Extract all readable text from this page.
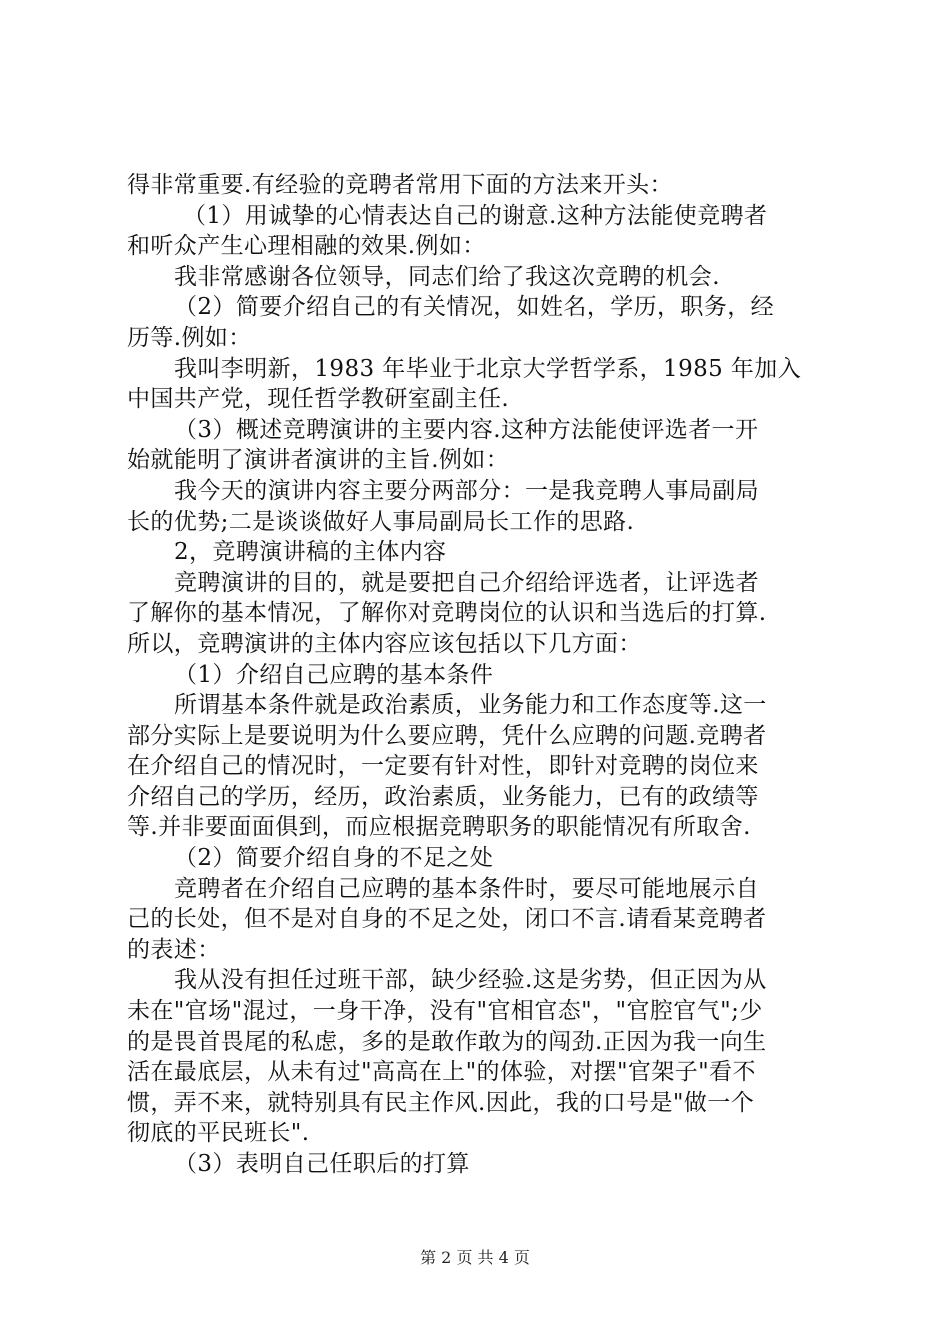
得非常重要.有经验的竞聘者常用下面的方法来开头：
（1）用诚挚的心情表达自己的谢意.这种方法能使竞聘者
和听众产生心理相融的效果.例如：
我非常感谢各位领导，同志们给了我这次竞聘的机会.
（2）简要介绍自己的有关情况，如姓名，学历，职务，经
历等.例如：
我叫李明新，1983 年毕业于北京大学哲学系，1985 年加入
中国共产党，现任哲学教研室副主任.
（3）概述竞聘演讲的主要内容.这种方法能使评选者一开
始就能明了演讲者演讲的主旨.例如：
我今天的演讲内容主要分两部分：一是我竞聘人事局副局
长的优势;二是谈谈做好人事局副局长工作的思路.
2，竞聘演讲稿的主体内容
竞聘演讲的目的，就是要把自己介绍给评选者，让评选者
了解你的基本情况，了解你对竞聘岗位的认识和当选后的打算.
所以，竞聘演讲的主体内容应该包括以下几方面：
（1）介绍自己应聘的基本条件
所谓基本条件就是政治素质，业务能力和工作态度等.这一
部分实际上是要说明为什么要应聘，凭什么应聘的问题.竞聘者
在介绍自己的情况时，一定要有针对性，即针对竞聘的岗位来
介绍自己的学历，经历，政治素质，业务能力，已有的政绩等
等.并非要面面俱到，而应根据竞聘职务的职能情况有所取舍.
（2）简要介绍自身的不足之处
竞聘者在介绍自己应聘的基本条件时，要尽可能地展示自
己的长处，但不是对自身的不足之处，闭口不言.请看某竞聘者
的表述：
我从没有担任过班干部，缺少经验.这是劣势，但正因为从
未在"官场"混过，一身干净，没有"官相官态"，"官腔官气";少
的是畏首畏尾的私虑，多的是敢作敢为的闯劲.正因为我一向生
活在最底层，从未有过"高高在上"的体验，对摆"官架子"看不
惯，弄不来，就特别具有民主作风.因此，我的口号是"做一个
彻底的平民班长".
（3）表明自己任职后的打算
第 2 页 共 4 页
